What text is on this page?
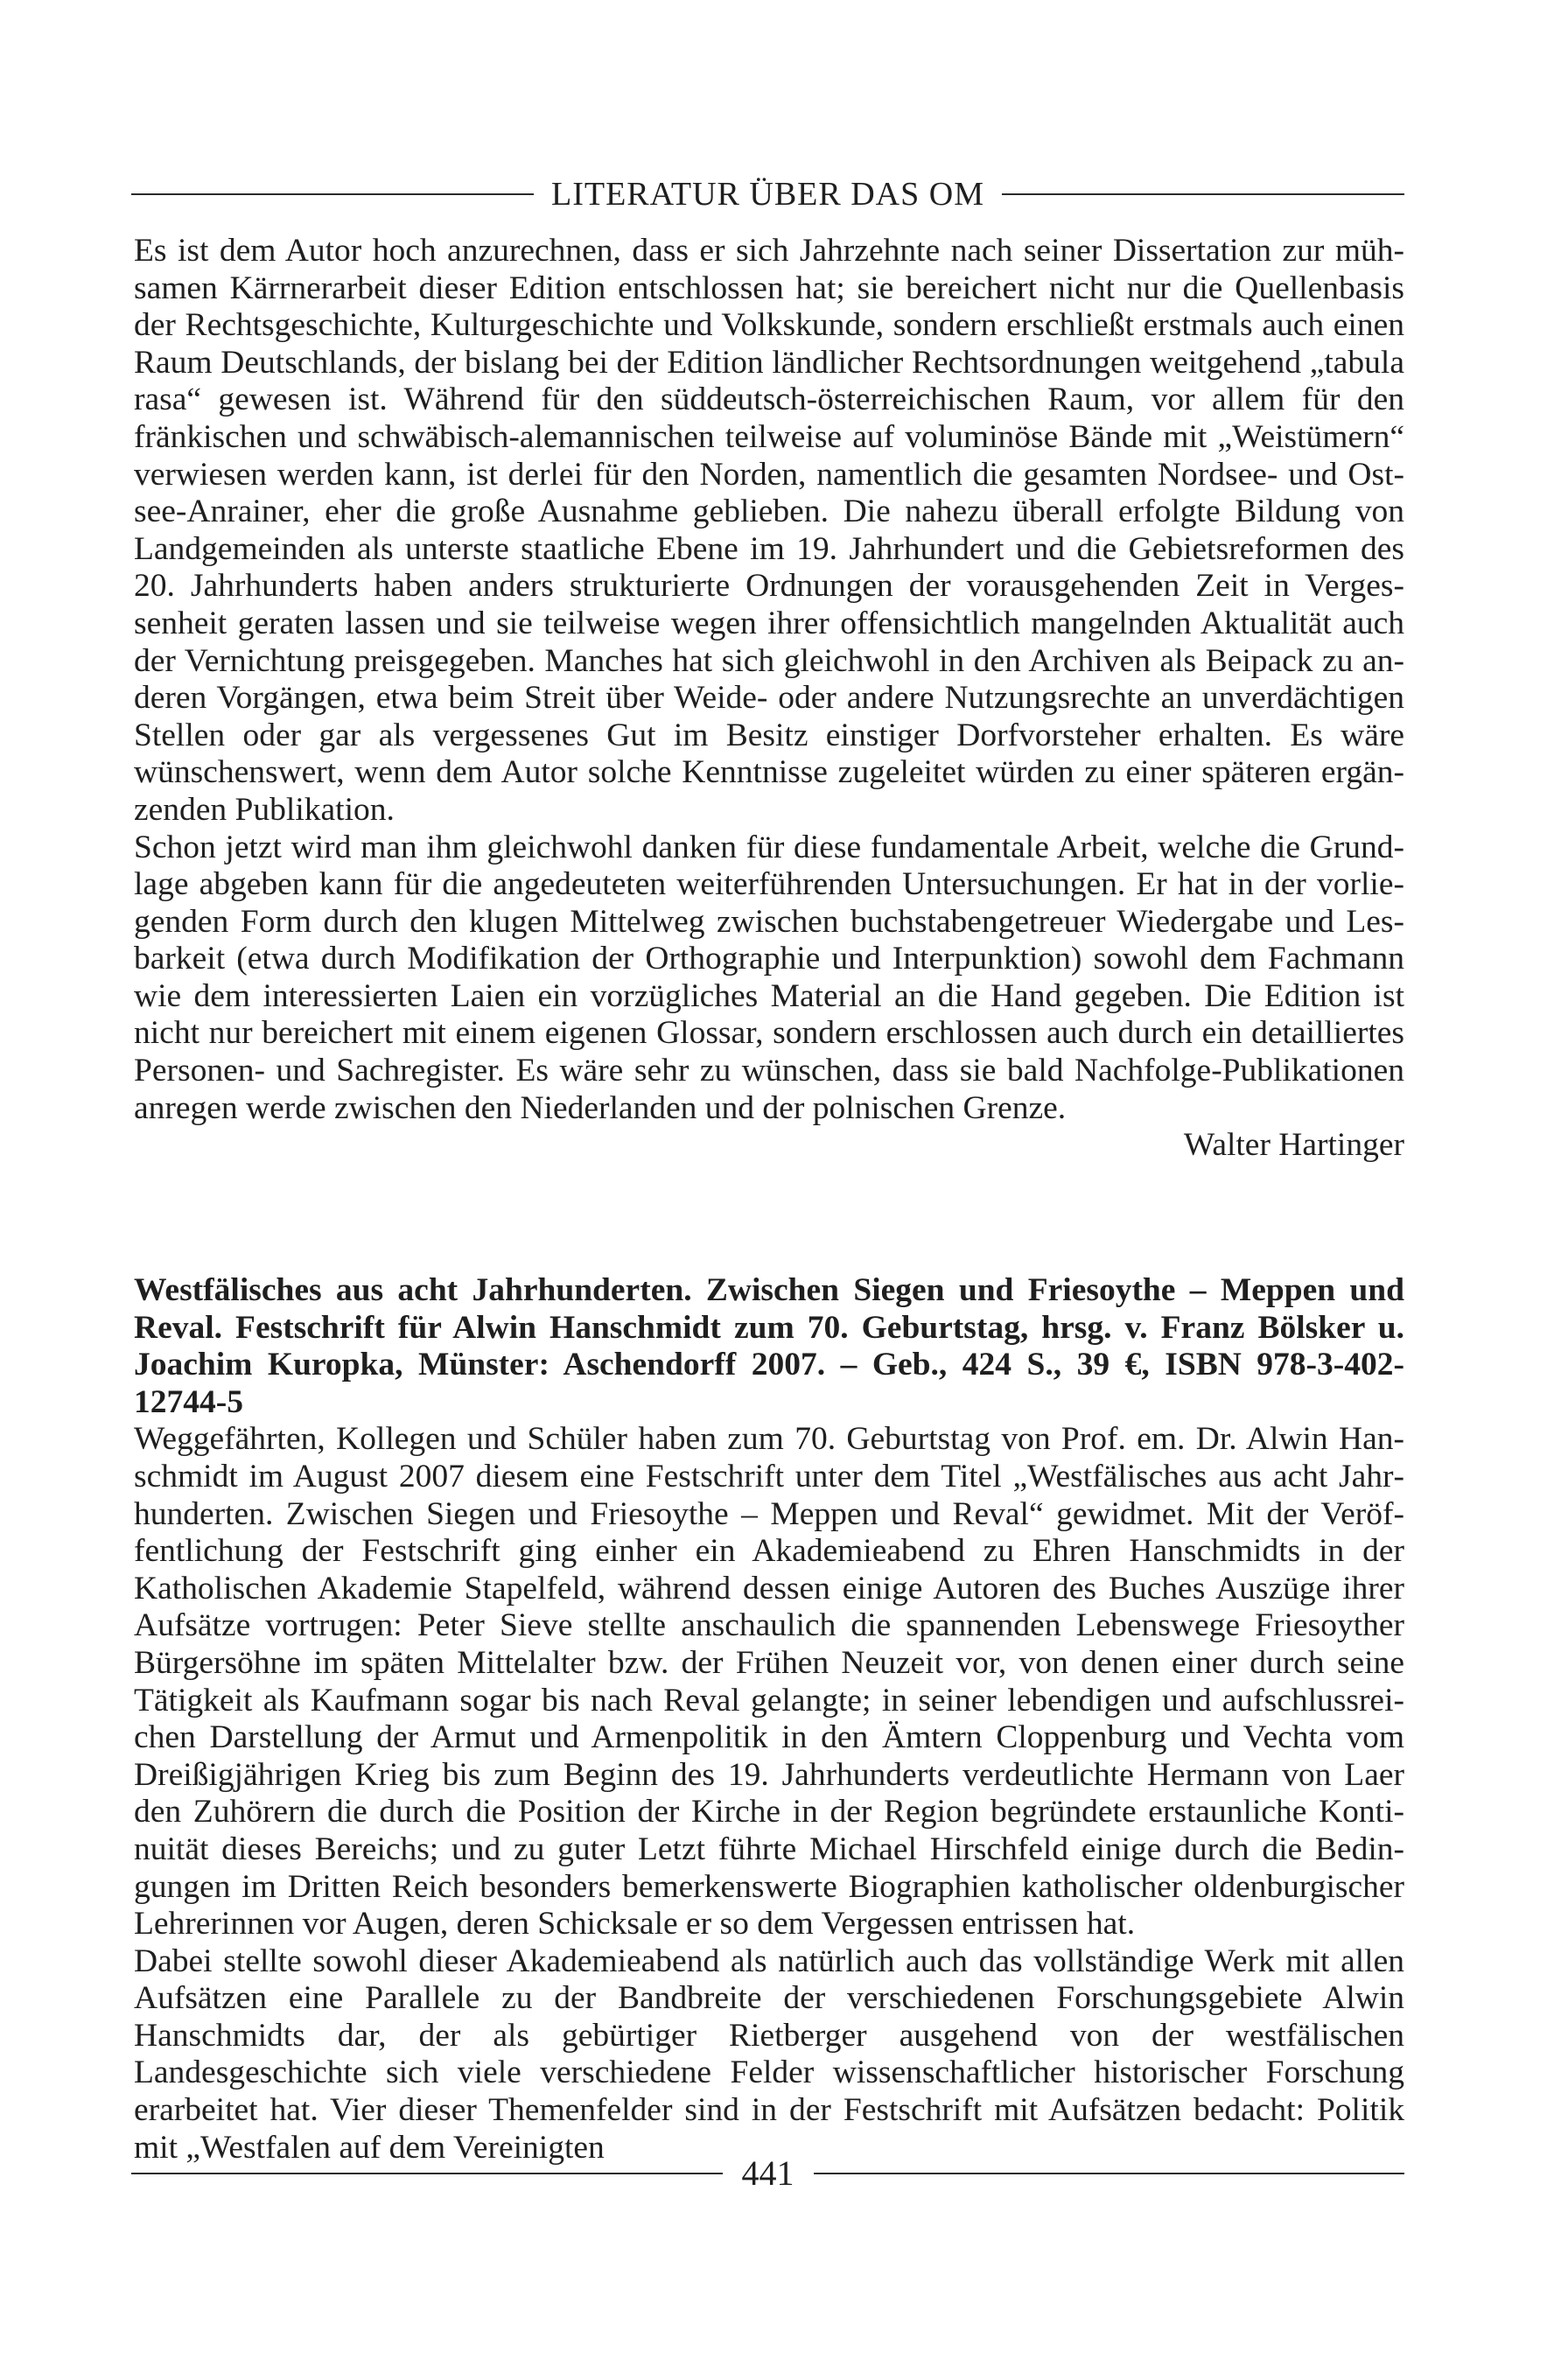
LITERATUR ÜBER DAS OM

Es ist dem Autor hoch anzurechnen, dass er sich Jahrzehnte nach seiner Dissertation zur mühsamen Kärrnerarbeit dieser Edition entschlossen hat; sie bereichert nicht nur die Quellenbasis der Rechtsgeschichte, Kulturgeschichte und Volkskunde, sondern erschließt erstmals auch einen Raum Deutschlands, der bislang bei der Edition ländlicher Rechtsordnungen weitgehend „tabula rasa“ gewesen ist. Während für den süddeutsch-österreichischen Raum, vor allem für den fränkischen und schwäbisch-alemannischen teilweise auf voluminöse Bände mit „Weistümern“ verwiesen werden kann, ist derlei für den Norden, namentlich die gesamten Nordsee- und Ostsee-Anrainer, eher die große Ausnahme geblieben. Die nahezu überall erfolgte Bildung von Landgemeinden als unterste staatliche Ebene im 19. Jahrhundert und die Gebietsreformen des 20. Jahrhunderts haben anders strukturierte Ordnungen der vorausgehenden Zeit in Vergessenheit geraten lassen und sie teilweise wegen ihrer offensichtlich mangelnden Aktualität auch der Vernichtung preisgegeben. Manches hat sich gleichwohl in den Archiven als Beipack zu anderen Vorgängen, etwa beim Streit über Weide- oder andere Nutzungsrechte an unverdächtigen Stellen oder gar als vergessenes Gut im Besitz einstiger Dorfvorsteher erhalten. Es wäre wünschenswert, wenn dem Autor solche Kenntnisse zugeleitet würden zu einer späteren ergänzenden Publikation.

Schon jetzt wird man ihm gleichwohl danken für diese fundamentale Arbeit, welche die Grundlage abgeben kann für die angedeuteten weiterführenden Untersuchungen. Er hat in der vorliegenden Form durch den klugen Mittelweg zwischen buchstabengetreuer Wiedergabe und Lesbarkeit (etwa durch Modifikation der Orthographie und Interpunktion) sowohl dem Fachmann wie dem interessierten Laien ein vorzügliches Material an die Hand gegeben. Die Edition ist nicht nur bereichert mit einem eigenen Glossar, sondern erschlossen auch durch ein detailliertes Personen- und Sachregister. Es wäre sehr zu wünschen, dass sie bald Nachfolge-Publikationen anregen werde zwischen den Niederlanden und der polnischen Grenze.

Walter Hartinger

Westfälisches aus acht Jahrhunderten. Zwischen Siegen und Friesoythe – Meppen und Reval. Festschrift für Alwin Hanschmidt zum 70. Geburtstag, hrsg. v. Franz Bölsker u. Joachim Kuropka, Münster: Aschendorff 2007. – Geb., 424 S., 39 €, ISBN 978-3-402-12744-5

Weggefährten, Kollegen und Schüler haben zum 70. Geburtstag von Prof. em. Dr. Alwin Hanschmidt im August 2007 diesem eine Festschrift unter dem Titel „Westfälisches aus acht Jahrhunderten. Zwischen Siegen und Friesoythe – Meppen und Reval“ gewidmet. Mit der Veröffentlichung der Festschrift ging einher ein Akademieabend zu Ehren Hanschmidts in der Katholischen Akademie Stapelfeld, während dessen einige Autoren des Buches Auszüge ihrer Aufsätze vortrugen: Peter Sieve stellte anschaulich die spannenden Lebenswege Friesoyther Bürgersöhne im späten Mittelalter bzw. der Frühen Neuzeit vor, von denen einer durch seine Tätigkeit als Kaufmann sogar bis nach Reval gelangte; in seiner lebendigen und aufschlussreichen Darstellung der Armut und Armenpolitik in den Ämtern Cloppenburg und Vechta vom Dreißigjährigen Krieg bis zum Beginn des 19. Jahrhunderts verdeutlichte Hermann von Laer den Zuhörern die durch die Position der Kirche in der Region begründete erstaunliche Kontinuität dieses Bereichs; und zu guter Letzt führte Michael Hirschfeld einige durch die Bedingungen im Dritten Reich besonders bemerkenswerte Biographien katholischer oldenburgischer Lehrerinnen vor Augen, deren Schicksale er so dem Vergessen entrissen hat.

Dabei stellte sowohl dieser Akademieabend als natürlich auch das vollständige Werk mit allen Aufsätzen eine Parallele zu der Bandbreite der verschiedenen Forschungsgebiete Alwin Hanschmidts dar, der als gebürtiger Rietberger ausgehend von der westfälischen Landesgeschichte sich viele verschiedene Felder wissenschaftlicher historischer Forschung erarbeitet hat. Vier dieser Themenfelder sind in der Festschrift mit Aufsätzen bedacht: Politik mit „Westfalen auf dem Vereinigten

441
